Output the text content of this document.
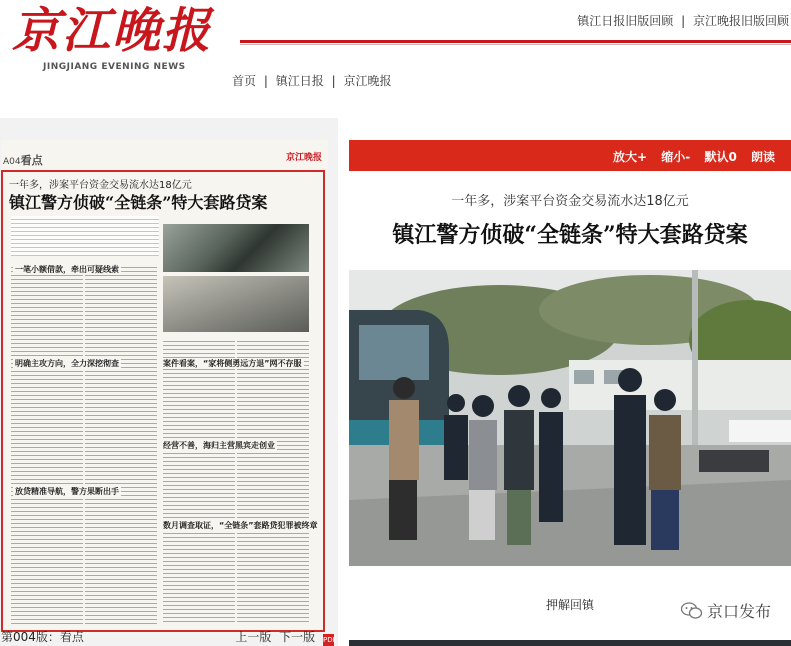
京江晚报
JINGJIANG EVENING NEWS
镇江日报旧版回顾 | 京江晚报旧版回顾
首页 | 镇江日报 | 京江晚报
A04看点	京江晚报
一年多，涉案平台资金交易流水达18亿元
镇江警方侦破“全链条”特大套路贷案
一笔小额借款，牵出可疑线索
明确主攻方向，全力深挖彻查	案件看案，“家将侧勇远方退”网不存服
经营不善，海归主营黑宾走创业
放贷精准导航，警方果断出手
数月调查取证，“全链条”套路贷犯罪被终章
第004版：看点	上一版 下一版 PDF
放大+ 缩小- 默认0 朗读
一年多，涉案平台资金交易流水达18亿元
镇江警方侦破“全链条”特大套路贷案
押解回镇	京口发布
